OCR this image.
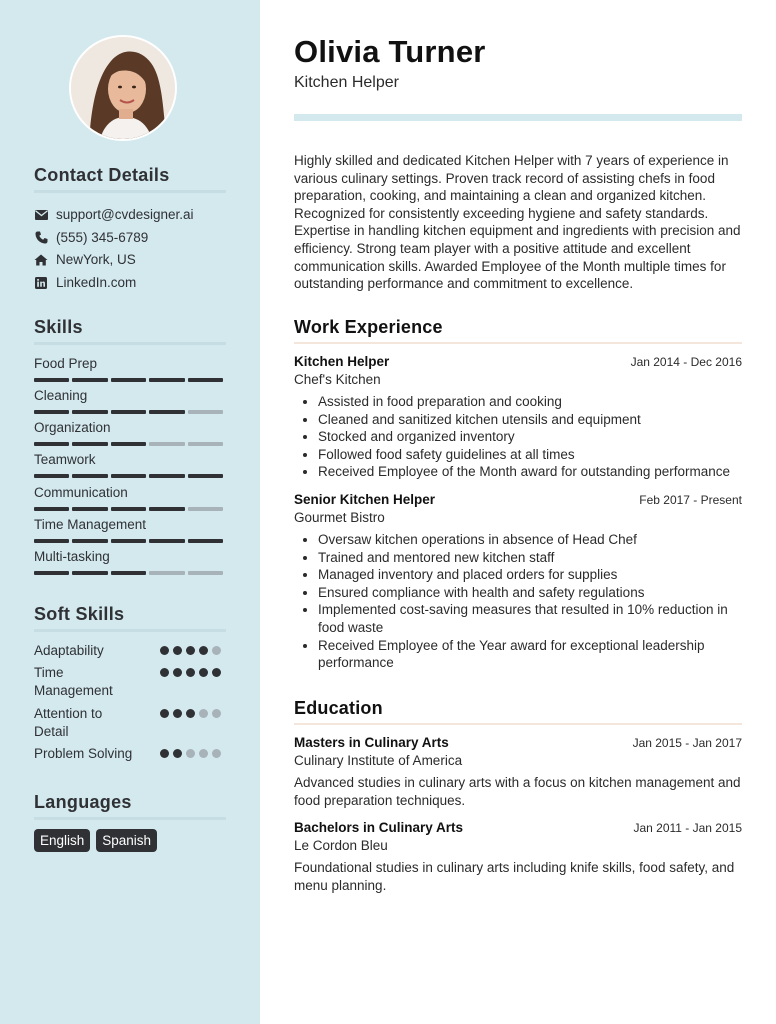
Contact Details
support@cvdesigner.ai
(555) 345-6789
NewYork, US
LinkedIn.com
Skills
Food Prep
Cleaning
Organization
Teamwork
Communication
Time Management
Multi-tasking
Soft Skills
Adaptability
Time Management
Attention to Detail
Problem Solving
Languages
English	Spanish
Olivia Turner
Kitchen Helper
Highly skilled and dedicated Kitchen Helper with 7 years of experience in various culinary settings. Proven track record of assisting chefs in food preparation, cooking, and maintaining a clean and organized kitchen. Recognized for consistently exceeding hygiene and safety standards. Expertise in handling kitchen equipment and ingredients with precision and efficiency. Strong team player with a positive attitude and excellent communication skills. Awarded Employee of the Month multiple times for outstanding performance and commitment to excellence.
Work Experience
Kitchen Helper	Jan 2014 - Dec 2016
Chef's Kitchen
• Assisted in food preparation and cooking
• Cleaned and sanitized kitchen utensils and equipment
• Stocked and organized inventory
• Followed food safety guidelines at all times
• Received Employee of the Month award for outstanding performance
Senior Kitchen Helper	Feb 2017 - Present
Gourmet Bistro
• Oversaw kitchen operations in absence of Head Chef
• Trained and mentored new kitchen staff
• Managed inventory and placed orders for supplies
• Ensured compliance with health and safety regulations
• Implemented cost-saving measures that resulted in 10% reduction in food waste
• Received Employee of the Year award for exceptional leadership performance
Education
Masters in Culinary Arts	Jan 2015 - Jan 2017
Culinary Institute of America
Advanced studies in culinary arts with a focus on kitchen management and food preparation techniques.
Bachelors in Culinary Arts	Jan 2011 - Jan 2015
Le Cordon Bleu
Foundational studies in culinary arts including knife skills, food safety, and menu planning.
